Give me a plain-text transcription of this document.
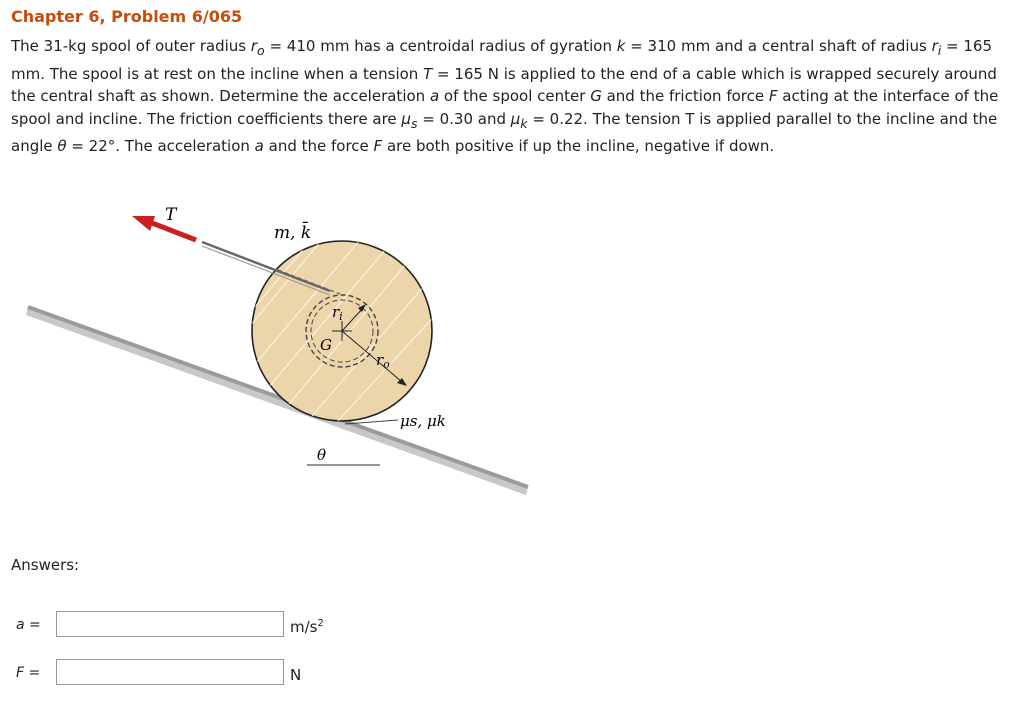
Chapter 6, Problem 6/065

The 31-kg spool of outer radius $r_o = 410$ mm has a centroidal radius of gyration k = 310 mm and a central shaft of radius $r_i = 165$ mm. The spool is at rest on the incline when a tension T = 165 N is applied to the end of a cable which is wrapped securely around the central shaft as shown. Determine the acceleration a of the spool center G and the friction force F acting at the interface of the spool and incline. The friction coefficients there are $\mu_s = 0.30$ and $\mu_k = 0.22$. The tension T is applied parallel to the incline and the angle θ = 22°. The acceleration a and the force F are both positive if up the incline, negative if down.

T
m, k̄
$r_i$
G
$r_o$
μs, μk
θ
Answers:
a =	$m/s^2$
F =	N
